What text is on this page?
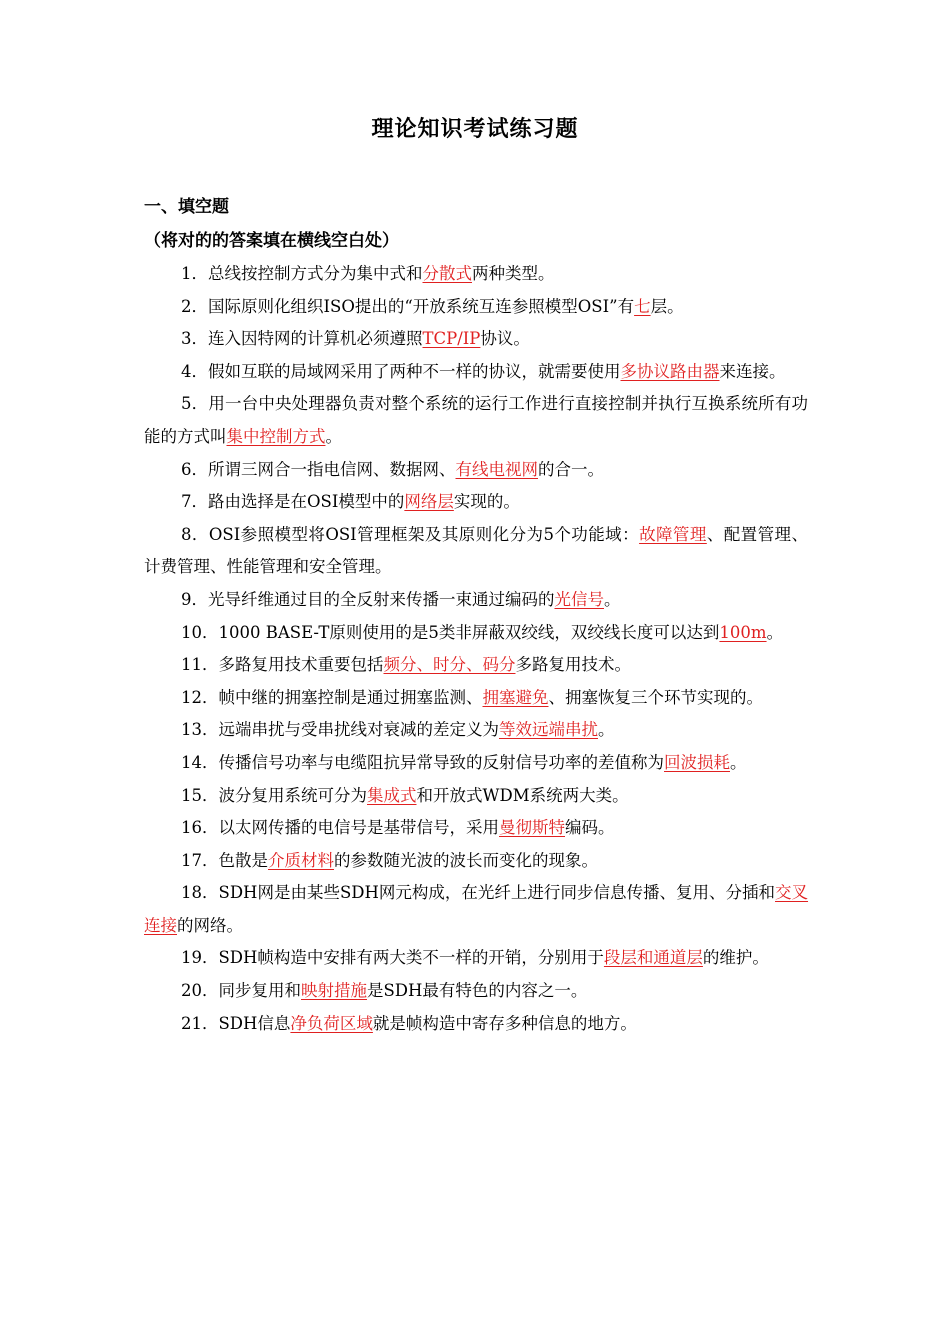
理论知识考试练习题
一、填空题
（将对的的答案填在横线空白处）

1．总线按控制方式分为集中式和分散式两种类型。

2．国际原则化组织ISO提出的“开放系统互连参照模型OSI”有七层。

3．连入因特网的计算机必须遵照TCP/IP协议。

4．假如互联的局域网采用了两种不一样的协议，就需要使用多协议路由器来连接。

5．用一台中央处理器负责对整个系统的运行工作进行直接控制并执行互换系统所有功能的方式叫集中控制方式。

6．所谓三网合一指电信网、数据网、有线电视网的合一。

7．路由选择是在OSI模型中的网络层实现的。

8．OSI参照模型将OSI管理框架及其原则化分为5个功能域：故障管理、配置管理、计费管理、性能管理和安全管理。

9．光导纤维通过目的全反射来传播一束通过编码的光信号。

10．1000 BASE-T原则使用的是5类非屏蔽双绞线，双绞线长度可以达到100m。

11．多路复用技术重要包括频分、时分、码分多路复用技术。

12．帧中继的拥塞控制是通过拥塞监测、拥塞避免、拥塞恢复三个环节实现的。

13．远端串扰与受串扰线对衰减的差定义为等效远端串扰。

14．传播信号功率与电缆阻抗异常导致的反射信号功率的差值称为回波损耗。

15．波分复用系统可分为集成式和开放式WDM系统两大类。

16．以太网传播的电信号是基带信号，采用曼彻斯特编码。

17．色散是介质材料的参数随光波的波长而变化的现象。

18．SDH网是由某些SDH网元构成，在光纤上进行同步信息传播、复用、分插和交叉连接的网络。

19．SDH帧构造中安排有两大类不一样的开销，分别用于段层和通道层的维护。

20．同步复用和映射措施是SDH最有特色的内容之一。

21．SDH信息净负荷区域就是帧构造中寄存多种信息的地方。
